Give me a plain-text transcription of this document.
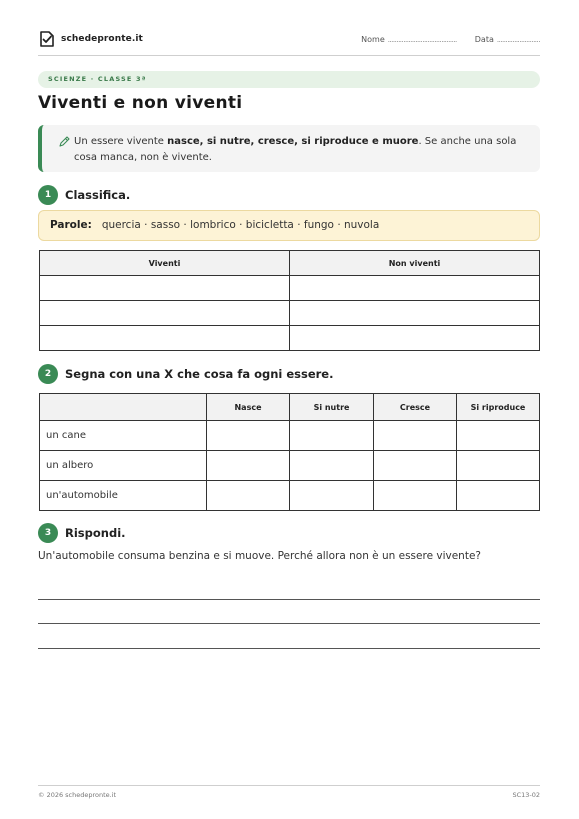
schedepronte.it	Nome ........................................ Data .........................
SCIENZE · CLASSE 3ª
Viventi e non viventi
Un essere vivente nasce, si nutre, cresce, si riproduce e muore. Se anche una sola cosa manca, non è vivente.
1	Classifica.
Parole: quercia · sasso · lombrico · bicicletta · fungo · nuvola
Viventi	Non viventi

2	Segna con una X che cosa fa ogni essere.
	Nasce	Si nutre	Cresce	Si riproduce
un cane				
un albero				
un'automobile				
3	Rispondi.
Un'automobile consuma benzina e si muove. Perché allora non è un essere vivente?
© 2026 schedepronte.it	SC13-02
